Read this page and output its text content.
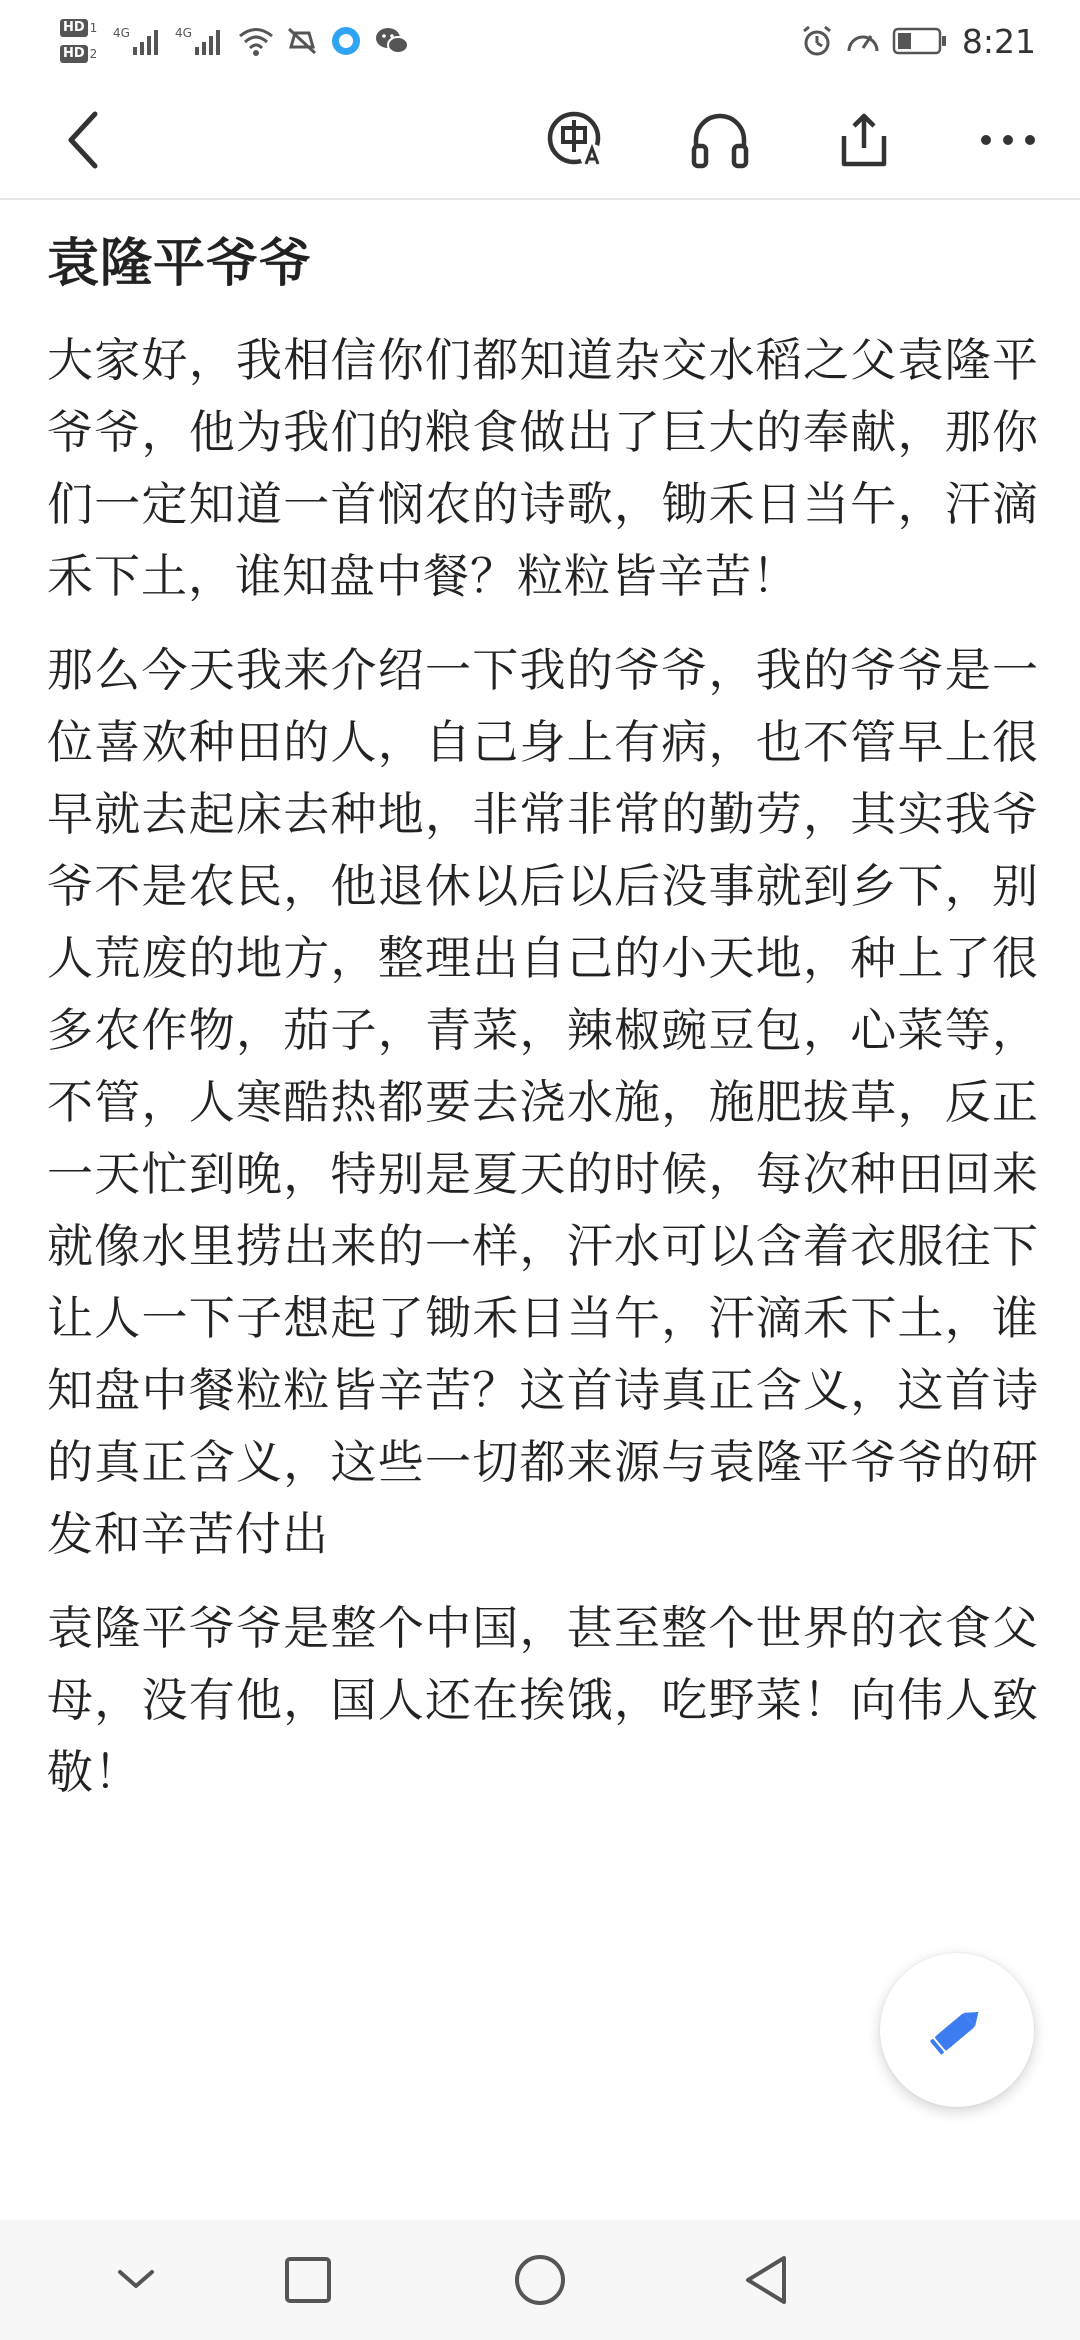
HD 1
HD 2
4G	4G	8:21
袁隆平爷爷

大家好，我相信你们都知道杂交水稻之父袁隆平爷爷，他为我们的粮食做出了巨大的奉献，那你们一定知道一首悯农的诗歌，锄禾日当午，汗滴禾下土，谁知盘中餐？粒粒皆辛苦！

那么今天我来介绍一下我的爷爷，我的爷爷是一位喜欢种田的人，自己身上有病，也不管早上很早就去起床去种地，非常非常的勤劳，其实我爷爷不是农民，他退休以后以后没事就到乡下，别人荒废的地方，整理出自己的小天地，种上了很多农作物，茄子，青菜，辣椒豌豆包，心菜等，不管，人寒酷热都要去浇水施，施肥拔草，反正一天忙到晚，特别是夏天的时候，每次种田回来就像水里捞出来的一样，汗水可以含着衣服往下让人一下子想起了锄禾日当午，汗滴禾下土，谁知盘中餐粒粒皆辛苦？这首诗真正含义，这首诗的真正含义，这些一切都来源与袁隆平爷爷的研发和辛苦付出

袁隆平爷爷是整个中国，甚至整个世界的衣食父母，没有他，国人还在挨饿，吃野菜！向伟人致敬！
